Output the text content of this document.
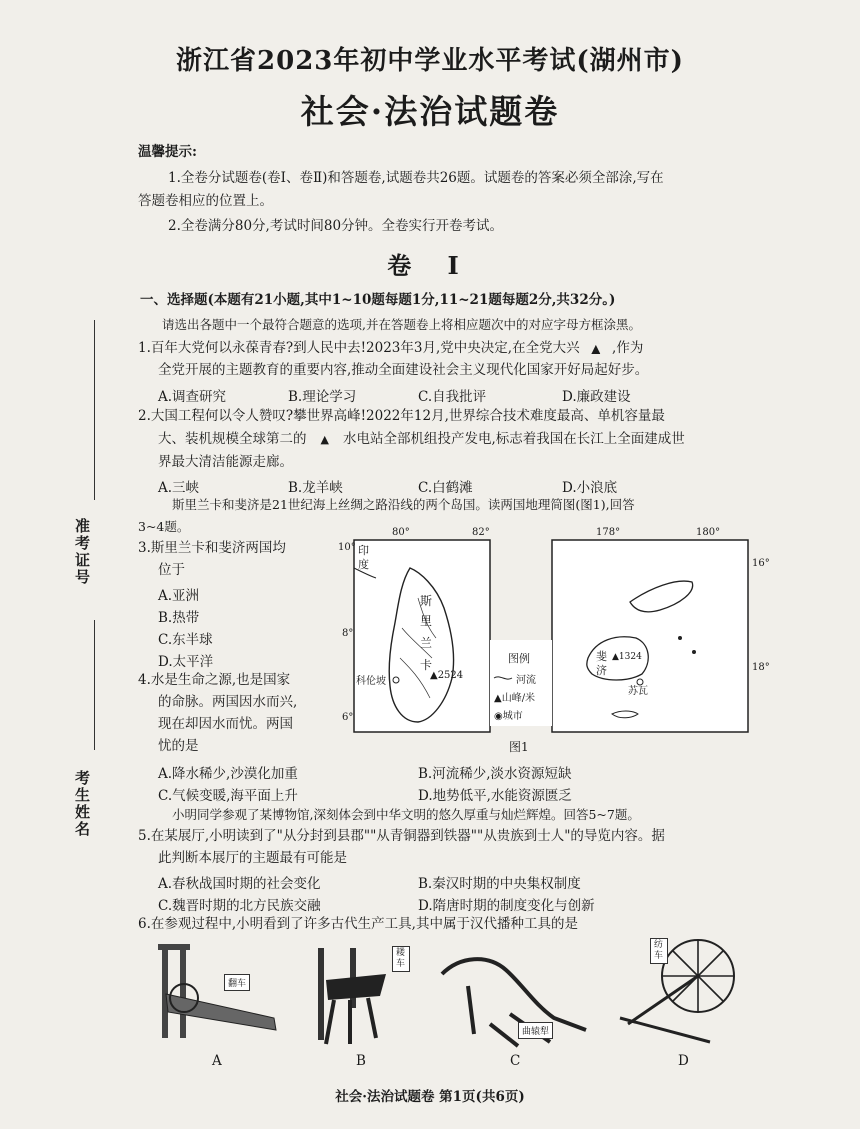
浙江省2023年初中学业水平考试(湖州市)
社会·法治试题卷
温馨提示:
1.全卷分试题卷(卷Ⅰ、卷Ⅱ)和答题卷,试题卷共26题。试题卷的答案必须全部涂,写在
答题卷相应的位置上。
2.全卷满分80分,考试时间80分钟。全卷实行开卷考试。
卷 Ⅰ
一、选择题(本题有21小题,其中1~10题每题1分,11~21题每题2分,共32分。)
请选出各题中一个最符合题意的选项,并在答题卷上将相应题次中的对应字母方框涂黑。
1.百年大党何以永葆青春?到人民中去!2023年3月,党中央决定,在全党大兴 ▲ ,作为
全党开展的主题教育的重要内容,推动全面建设社会主义现代化国家开好局起好步。
A.调查研究	B.理论学习	C.自我批评	D.廉政建设
2.大国工程何以令人赞叹?攀世界高峰!2022年12月,世界综合技术难度最高、单机容量最
大、装机规模全球第二的 ▲ 水电站全部机组投产发电,标志着我国在长江上全面建成世
界最大清洁能源走廊。
A.三峡	B.龙羊峡	C.白鹤滩	D.小浪底
斯里兰卡和斐济是21世纪海上丝绸之路沿线的两个岛国。读两国地理简图(图1),回答
3~4题。
3.斯里兰卡和斐济两国均
位于
A.亚洲
B.热带
C.东半球
D.太平洋
4.水是生命之源,也是国家
的命脉。两国因水而兴,
现在却因水而忧。两国
忧的是
A.降水稀少,沙漠化加重	B.河流稀少,淡水资源短缺
C.气候变暖,海平面上升	D.地势低平,水能资源匮乏
80°	82°
10°
8°
6°
印度
斯
里
兰
卡
科伦坡
▲2524
178°	180°
16°
18°
斐济
▲1324
苏瓦
图例
河流
▲山峰/米
◉城市
图1
小明同学参观了某博物馆,深刻体会到中华文明的悠久厚重与灿烂辉煌。回答5~7题。
5.在某展厅,小明读到了"从分封到县郡""从青铜器到铁器""从贵族到士人"的导览内容。据
此判断本展厅的主题最有可能是
A.春秋战国时期的社会变化	B.秦汉时期的中央集权制度
C.魏晋时期的北方民族交融	D.隋唐时期的制度变化与创新
6.在参观过程中,小明看到了许多古代生产工具,其中属于汉代播种工具的是
翻车
耧车
曲辕犁
纺车
A	B	C	D
准考证号
考生姓名
社会·法治试题卷 第1页(共6页)
